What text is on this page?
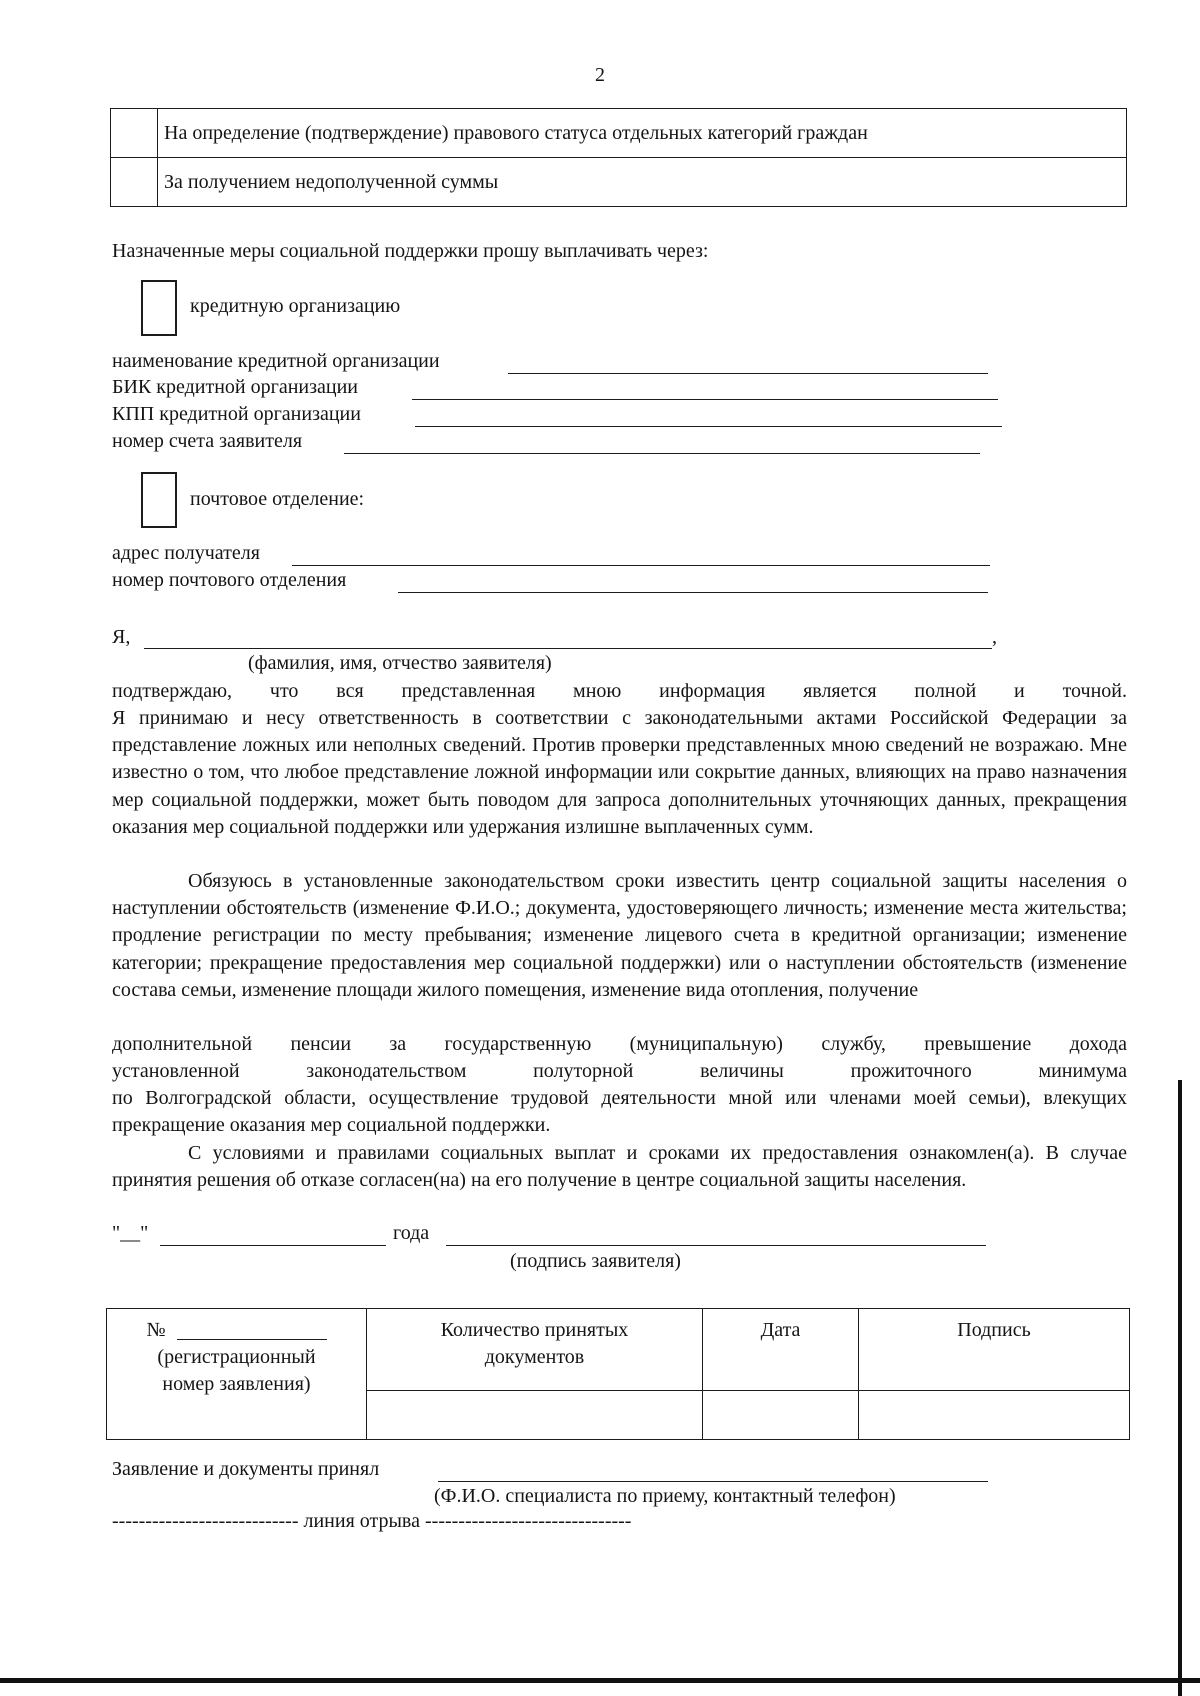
2
	На определение (подтверждение) правового статуса отдельных категорий граждан
	За получением недополученной суммы
Назначенные меры социальной поддержки прошу выплачивать через:
кредитную организацию
наименование кредитной организации
БИК кредитной организации
КПП кредитной организации
номер счета заявителя
почтовое отделение:
адрес получателя
номер почтового отделения
Я,	,
(фамилия, имя, отчество заявителя)

подтверждаю, что вся представленная мною информация является полной и точной.

Я принимаю и несу ответственность в соответствии с законодательными актами Российской Федерации за представление ложных или неполных сведений. Против проверки представленных мною сведений не возражаю. Мне известно о том, что любое представление ложной информации или сокрытие данных, влияющих на право назначения мер социальной поддержки, может быть поводом для запроса дополнительных уточняющих данных, прекращения оказания мер социальной поддержки или удержания излишне выплаченных сумм.

Обязуюсь в установленные законодательством сроки известить центр социальной защиты населения о наступлении обстоятельств (изменение Ф.И.О.; документа, удостоверяющего личность; изменение места жительства; продление регистрации по месту пребывания; изменение лицевого счета в кредитной организации; изменение категории; прекращение предоставления мер социальной поддержки) или о наступлении обстоятельств (изменение состава семьи, изменение площади жилого помещения, изменение вида отопления, получение

дополнительной пенсии за государственную (муниципальную) службу, превышение дохода

установленной законодательством полуторной величины прожиточного минимума

по Волгоградской области, осуществление трудовой деятельности мной или членами моей семьи), влекущих прекращение оказания мер социальной поддержки.

С условиями и правилами социальных выплат и сроками их предоставления ознакомлен(а). В случае принятия решения об отказе согласен(на) на его получение в центре социальной защиты населения.

"__"	года
(подпись заявителя)
№
(регистрационный номер заявления)	Количество принятых документов	Дата	Подпись

Заявление и документы принял
(Ф.И.О. специалиста по приему, контактный телефон)
---------------------------- линия отрыва -------------------------------
